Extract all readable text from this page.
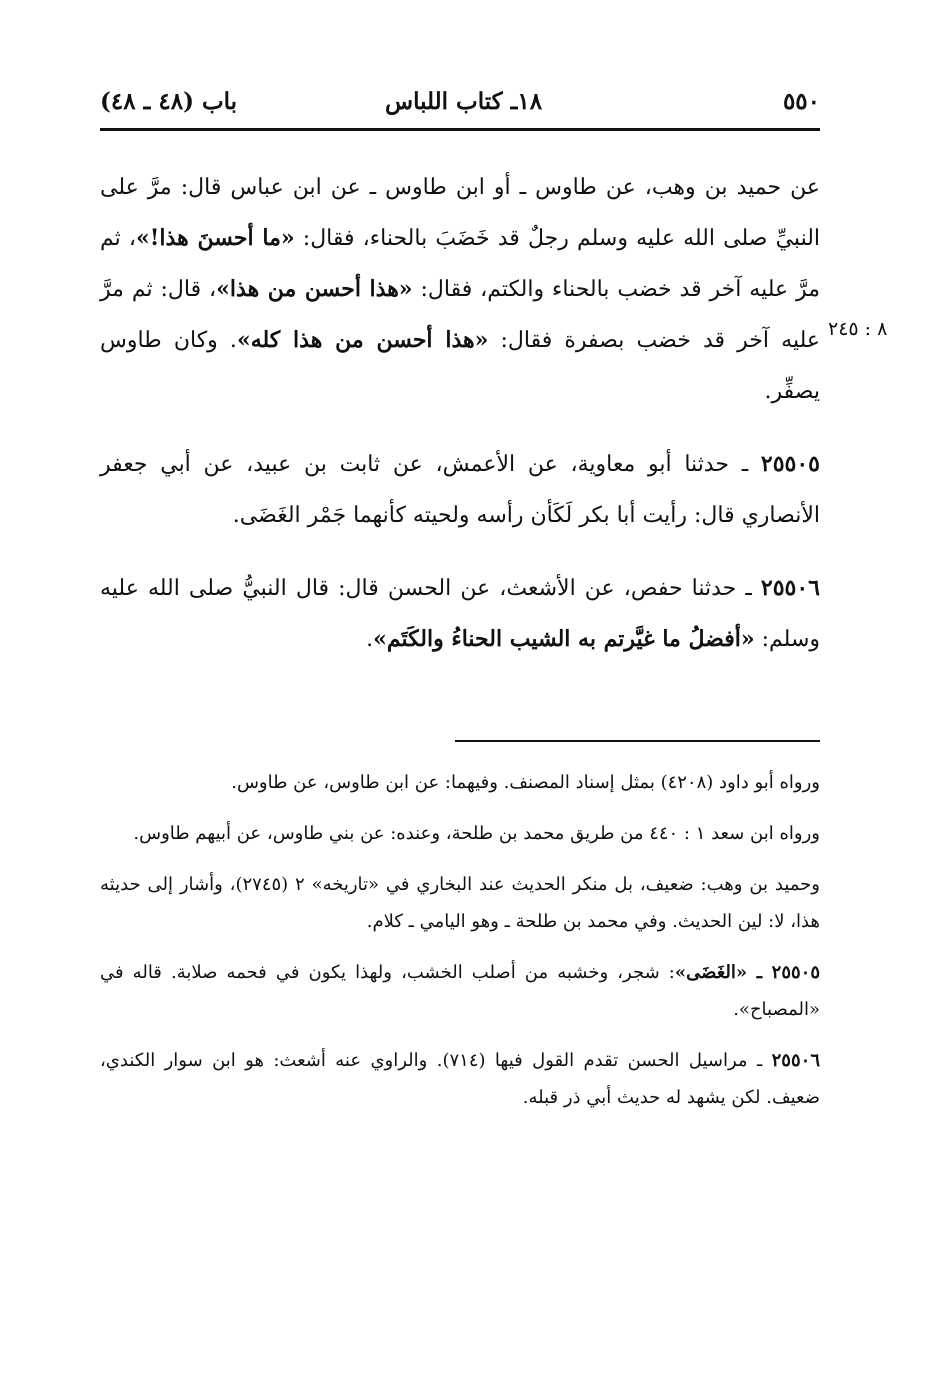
٥٥٠
١٨ـ كتاب اللباس
باب (٤٨ ـ ٤٨)
٨ : ٢٤٥

عن حميد بن وهب، عن طاوس ـ أو ابن طاوس ـ عن ابن عباس قال: مرَّ على النبيِّ صلى الله عليه وسلم رجلٌ قد خَضَبَ بالحناء، فقال: «ما أحسنَ هذا!»، ثم مرَّ عليه آخر قد خضب بالحناء والكتم، فقال: «هذا أحسن من هذا»، قال: ثم مرَّ عليه آخر قد خضب بصفرة فقال: «هذا أحسن من هذا كله». وكان طاوس يصفِّر.

٢٥٥٠٥ ـ حدثنا أبو معاوية، عن الأعمش، عن ثابت بن عبيد، عن أبي جعفر الأنصاري قال: رأيت أبا بكر لَكَأن رأسه ولحيته كأنهما جَمْر الغَضَى.

٢٥٥٠٦ ـ حدثنا حفص، عن الأشعث، عن الحسن قال: قال النبيُّ صلى الله عليه وسلم: «أفضلُ ما غيَّرتم به الشيب الحناءُ والكَتَم».

ورواه أبو داود (٤٢٠٨) بمثل إسناد المصنف. وفيهما: عن ابن طاوس، عن طاوس.

ورواه ابن سعد ١ : ٤٤٠ من طريق محمد بن طلحة، وعنده: عن بني طاوس، عن أبيهم طاوس.

وحميد بن وهب: ضعيف، بل منكر الحديث عند البخاري في «تاريخه» ٢ (٢٧٤٥)، وأشار إلى حديثه هذا، لا: لين الحديث. وفي محمد بن طلحة ـ وهو اليامي ـ كلام.

٢٥٥٠٥ ـ «الغَضَى»: شجر، وخشبه من أصلب الخشب، ولهذا يكون في فحمه صلابة. قاله في «المصباح».

٢٥٥٠٦ ـ مراسيل الحسن تقدم القول فيها (٧١٤). والراوي عنه أشعث: هو ابن سوار الكندي، ضعيف. لكن يشهد له حديث أبي ذر قبله.
